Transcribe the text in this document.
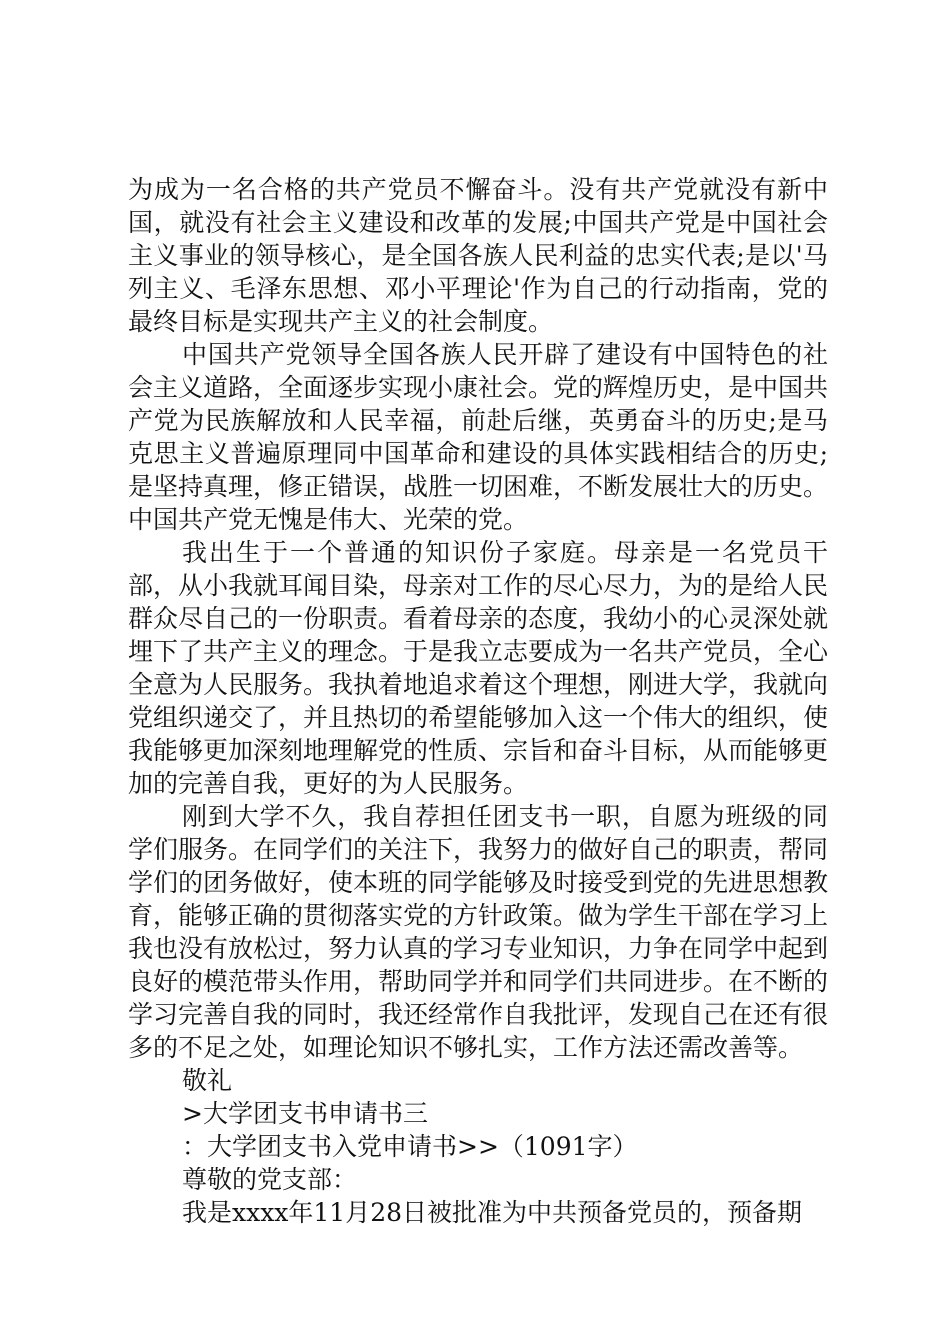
为成为一名合格的共产党员不懈奋斗。没有共产党就没有新中国，就没有社会主义建设和改革的发展;中国共产党是中国社会主义事业的领导核心，是全国各族人民利益的忠实代表;是以'马列主义、毛泽东思想、邓小平理论'作为自己的行动指南，党的最终目标是实现共产主义的社会制度。

中国共产党领导全国各族人民开辟了建设有中国特色的社会主义道路，全面逐步实现小康社会。党的辉煌历史，是中国共产党为民族解放和人民幸福，前赴后继，英勇奋斗的历史;是马克思主义普遍原理同中国革命和建设的具体实践相结合的历史;是坚持真理，修正错误，战胜一切困难，不断发展壮大的历史。中国共产党无愧是伟大、光荣的党。

我出生于一个普通的知识份子家庭。母亲是一名党员干部，从小我就耳闻目染，母亲对工作的尽心尽力，为的是给人民群众尽自己的一份职责。看着母亲的态度，我幼小的心灵深处就埋下了共产主义的理念。于是我立志要成为一名共产党员，全心全意为人民服务。我执着地追求着这个理想，刚进大学，我就向党组织递交了，并且热切的希望能够加入这一个伟大的组织，使我能够更加深刻地理解党的性质、宗旨和奋斗目标，从而能够更加的完善自我，更好的为人民服务。

刚到大学不久，我自荐担任团支书一职，自愿为班级的同学们服务。在同学们的关注下，我努力的做好自己的职责，帮同学们的团务做好，使本班的同学能够及时接受到党的先进思想教育，能够正确的贯彻落实党的方针政策。做为学生干部在学习上我也没有放松过，努力认真的学习专业知识，力争在同学中起到良好的模范带头作用，帮助同学并和同学们共同进步。在不断的学习完善自我的同时，我还经常作自我批评，发现自己在还有很多的不足之处，如理论知识不够扎实，工作方法还需改善等。

敬礼

>大学团支书申请书三

：大学团支书入党申请书>>（1091字）

尊敬的党支部：

我是xxxx年11月28日被批准为中共预备党员的，预备期
